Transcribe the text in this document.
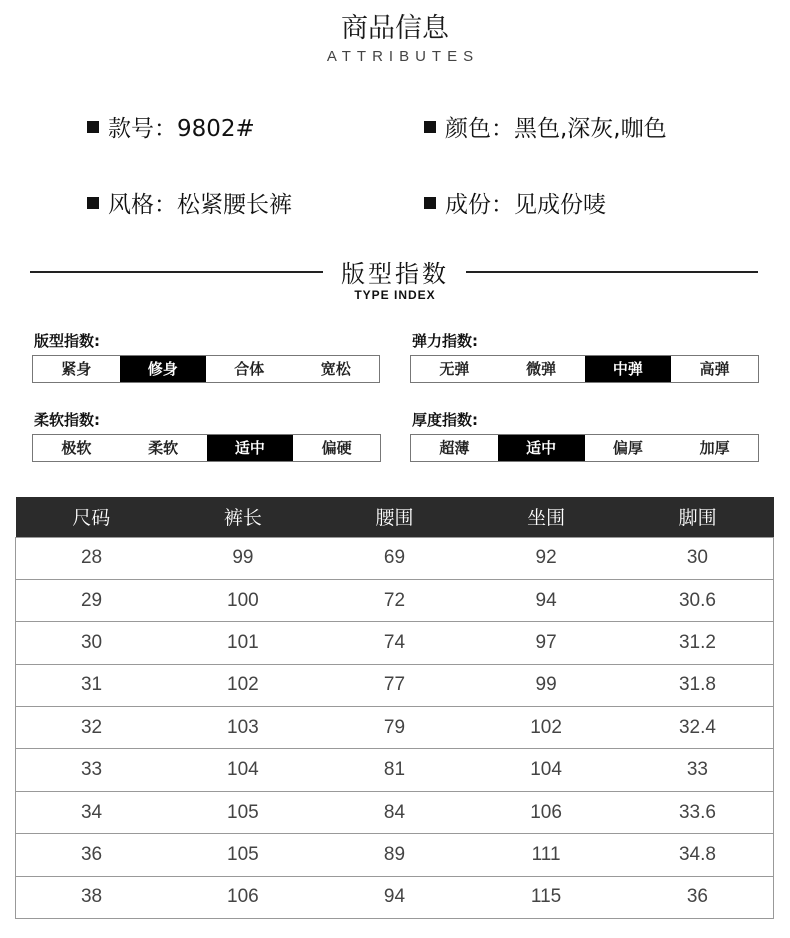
商品信息
ATTRIBUTES
款号：9802#	颜色：黑色,深灰,咖色
风格：松紧腰长裤	成份：见成份唛
版型指数
TYPE INDEX
版型指数:
紧身	修身	合体	宽松
弹力指数:
无弹	微弹	中弹	高弹
柔软指数:
极软	柔软	适中	偏硬
厚度指数:
超薄	适中	偏厚	加厚
尺码	裤长	腰围	坐围	脚围
28	99	69	92	30
29	100	72	94	30.6
30	101	74	97	31.2
31	102	77	99	31.8
32	103	79	102	32.4
33	104	81	104	33
34	105	84	106	33.6
36	105	89	111	34.8
38	106	94	115	36
